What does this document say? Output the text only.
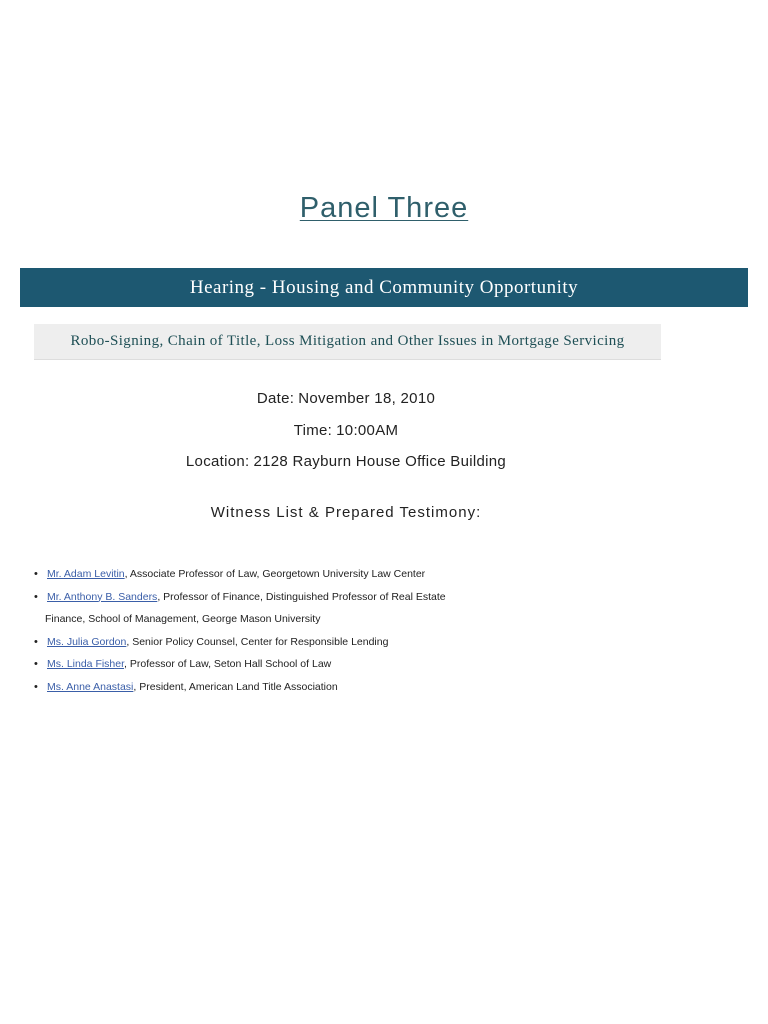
Panel Three
Hearing - Housing and Community Opportunity
Robo-Signing, Chain of Title, Loss Mitigation and Other Issues in Mortgage Servicing
Date: November 18, 2010
Time: 10:00AM
Location: 2128 Rayburn House Office Building
Witness List & Prepared Testimony:
• Mr. Adam Levitin, Associate Professor of Law, Georgetown University Law Center
• Mr. Anthony B. Sanders, Professor of Finance, Distinguished Professor of Real Estate
Finance, School of Management, George Mason University
• Ms. Julia Gordon, Senior Policy Counsel, Center for Responsible Lending
• Ms. Linda Fisher, Professor of Law, Seton Hall School of Law
• Ms. Anne Anastasi, President, American Land Title Association
